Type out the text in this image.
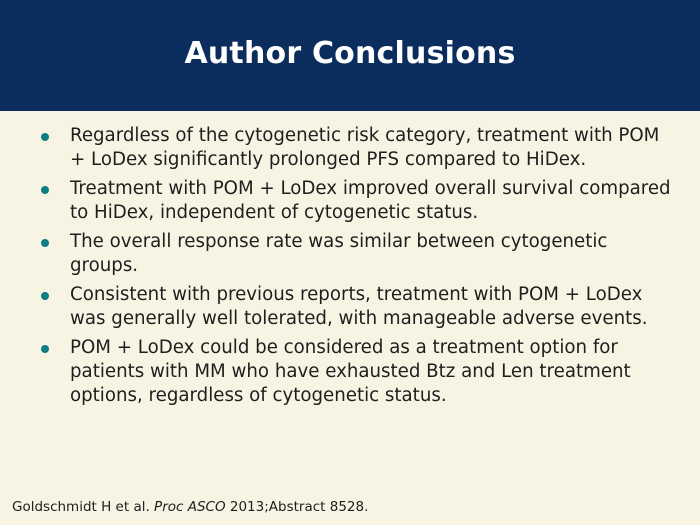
Author Conclusions
Regardless of the cytogenetic risk category, treatment with POM + LoDex significantly prolonged PFS compared to HiDex.
Treatment with POM + LoDex improved overall survival compared to HiDex, independent of cytogenetic status.
The overall response rate was similar between cytogenetic groups.
Consistent with previous reports, treatment with POM + LoDex was generally well tolerated, with manageable adverse events.
POM + LoDex could be considered as a treatment option for patients with MM who have exhausted Btz and Len treatment options, regardless of cytogenetic status.
Goldschmidt H et al. Proc ASCO 2013;Abstract 8528.
